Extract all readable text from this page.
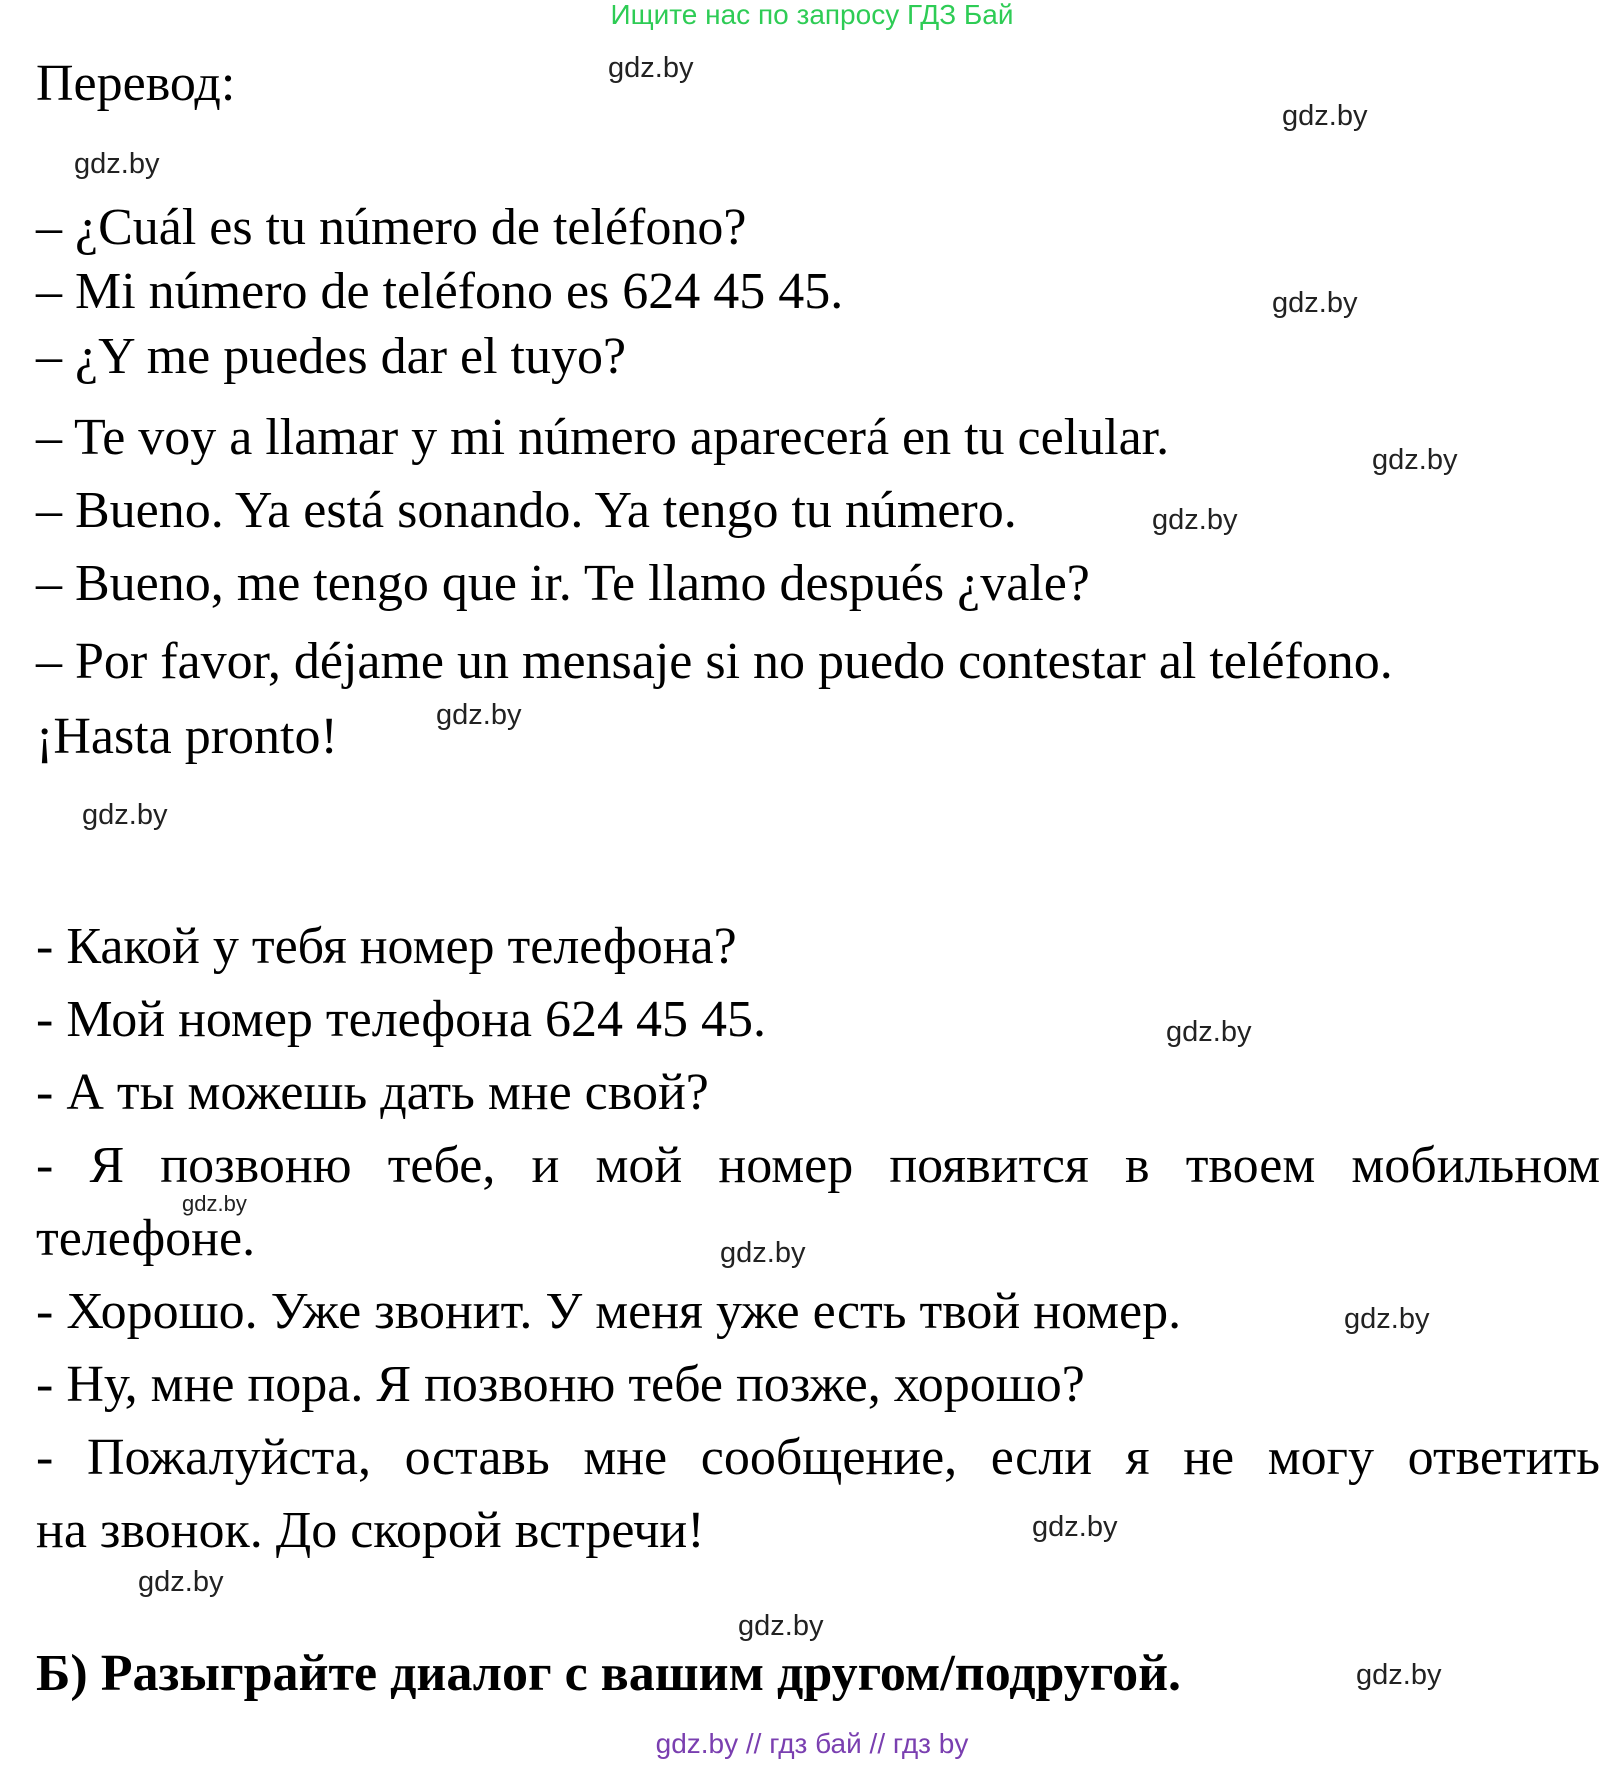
Ищите нас по запросу ГДЗ Бай
Перевод:
– ¿Cuál es tu número de teléfono?
– Mi número de teléfono es 624 45 45.
– ¿Y me puedes dar el tuyo?
– Te voy a llamar y mi número aparecerá en tu celular.
– Bueno. Ya está sonando. Ya tengo tu número.
– Bueno, me tengo que ir. Te llamo después ¿vale?
– Por favor, déjame un mensaje si no puedo contestar al teléfono.
¡Hasta pronto!
- Какой у тебя номер телефона?
- Мой номер телефона 624 45 45.
- А ты можешь дать мне свой?
- Я позвоню тебе, и мой номер появится в твоем мобильном
телефоне.
- Хорошо. Уже звонит. У меня уже есть твой номер.
- Ну, мне пора. Я позвоню тебе позже, хорошо?
- Пожалуйста, оставь мне сообщение, если я не могу ответить
на звонок. До скорой встречи!
Б) Разыграйте диалог с вашим другом/подругой.
gdz.by
gdz.by
gdz.by
gdz.by
gdz.by
gdz.by
gdz.by
gdz.by
gdz.by
gdz.by
gdz.by
gdz.by
gdz.by
gdz.by
gdz.by
gdz.by
gdz.by // гдз бай // гдз by
